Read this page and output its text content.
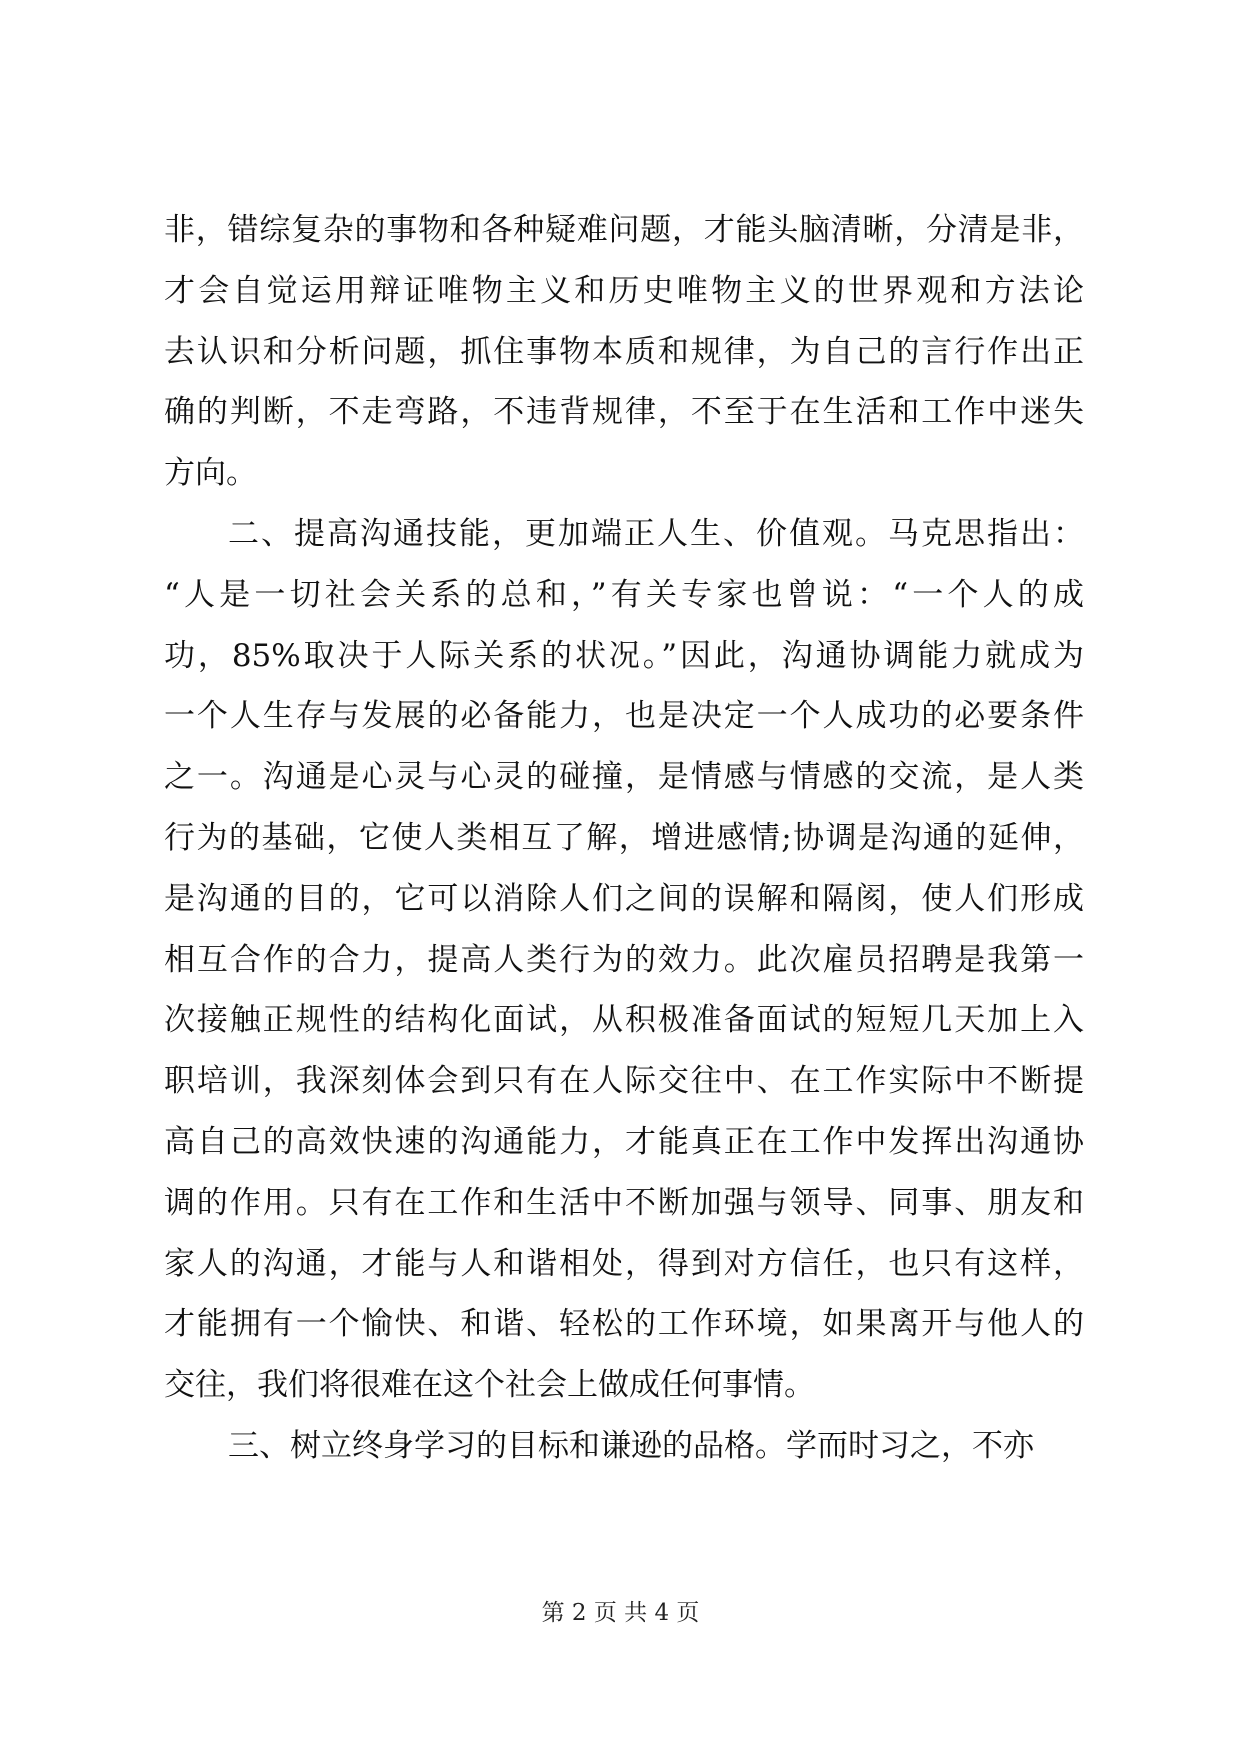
非，错综复杂的事物和各种疑难问题，才能头脑清晰，分清是非，
才会自觉运用辩证唯物主义和历史唯物主义的世界观和方法论
去认识和分析问题，抓住事物本质和规律，为自己的言行作出正
确的判断，不走弯路，不违背规律，不至于在生活和工作中迷失
方向。
二、提高沟通技能，更加端正人生、价值观。马克思指出：
“人是一切社会关系的总和，”有关专家也曾说：“一个人的成
功，85%取决于人际关系的状况。”因此，沟通协调能力就成为
一个人生存与发展的必备能力，也是决定一个人成功的必要条件
之一。沟通是心灵与心灵的碰撞，是情感与情感的交流，是人类
行为的基础，它使人类相互了解，增进感情;协调是沟通的延伸，
是沟通的目的，它可以消除人们之间的误解和隔阂，使人们形成
相互合作的合力，提高人类行为的效力。此次雇员招聘是我第一
次接触正规性的结构化面试，从积极准备面试的短短几天加上入
职培训，我深刻体会到只有在人际交往中、在工作实际中不断提
高自己的高效快速的沟通能力，才能真正在工作中发挥出沟通协
调的作用。只有在工作和生活中不断加强与领导、同事、朋友和
家人的沟通，才能与人和谐相处，得到对方信任，也只有这样，
才能拥有一个愉快、和谐、轻松的工作环境，如果离开与他人的
交往，我们将很难在这个社会上做成任何事情。
三、树立终身学习的目标和谦逊的品格。学而时习之，不亦
第 2 页 共 4 页
